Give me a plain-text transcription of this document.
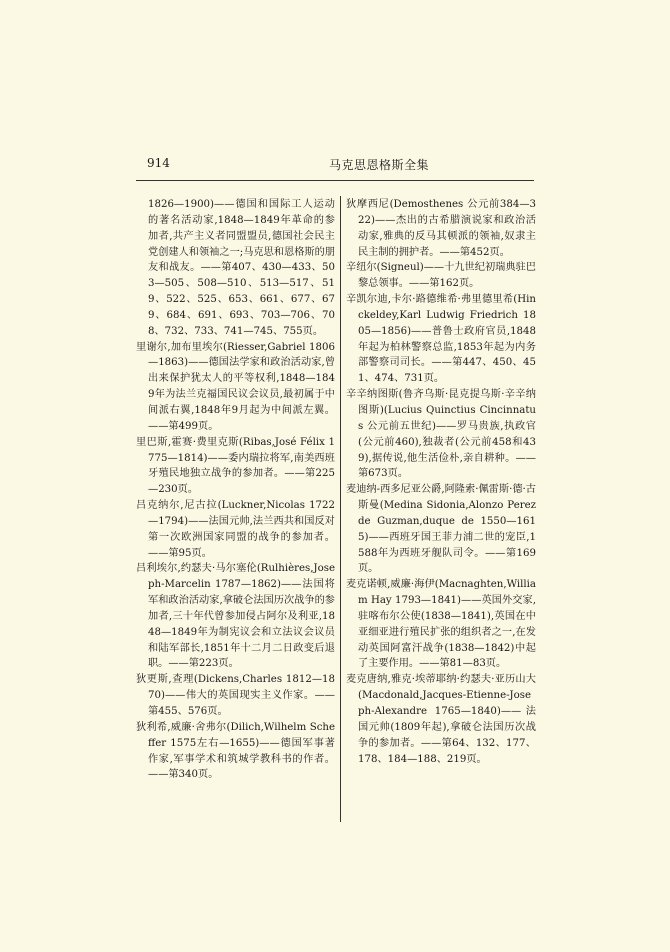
914	马克思恩格斯全集

1826—1900)——德国和国际工人运动的著名活动家,1848—1849年革命的参加者,共产主义者同盟盟员,德国社会民主党创建人和领袖之一;马克思和恩格斯的朋友和战友。——第407、430—433、503—505、508—510、513—517、519、522、525、653、661、677、679、684、691、693、703—706、708、732、733、741—745、755页。

里谢尔,加布里埃尔(Riesser,Gabriel 1806—1863)——德国法学家和政治活动家,曾出来保护犹太人的平等权利,1848—1849年为法兰克福国民议会议员,最初属于中间派右翼,1848年9月起为中间派左翼。——第499页。

里巴斯,霍赛·费里克斯(Ribas,José Félix 1775—1814)——委内瑞拉将军,南美西班牙殖民地独立战争的参加者。——第225—230页。

吕克纳尔,尼古拉(Luckner,Nicolas 1722—1794)——法国元帅,法兰西共和国反对第一次欧洲国家同盟的战争的参加者。——第95页。

吕利埃尔,约瑟夫·马尔塞伦(Rulhières,Joseph-Marcelin 1787—1862)——法国将军和政治活动家,拿破仑法国历次战争的参加者,三十年代曾参加侵占阿尔及利亚,1848—1849年为制宪议会和立法议会议员和陆军部长,1851年十二月二日政变后退职。——第223页。

狄更斯,查理(Dickens,Charles 1812—1870)——伟大的英国现实主义作家。——第455、576页。

狄利希,威廉·舍弗尔(Dilich,Wilhelm Scheffer 1575左右—1655)——德国军事著作家,军事学术和筑城学教科书的作者。——第340页。

狄摩西尼(Demosthenes 公元前384—322)——杰出的古希腊演说家和政治活动家,雅典的反马其顿派的领袖,奴隶主民主制的拥护者。——第452页。

辛纽尔(Signeul)——十九世纪初瑞典驻巴黎总领事。——第162页。

辛凯尔迪,卡尔·路德维希·弗里德里希(Hinckeldey,Karl Ludwig Friedrich 1805—1856)——普鲁士政府官员,1848年起为柏林警察总监,1853年起为内务部警察司司长。——第447、450、451、474、731页。

辛辛纳图斯(鲁齐乌斯·昆克提乌斯·辛辛纳图斯)(Lucius Quinctius Cincinnatus 公元前五世纪)——罗马贵族,执政官(公元前460),独裁者(公元前458和439),据传说,他生活俭朴,亲自耕种。——第673页。

麦迪纳-西多尼亚公爵,阿隆索·佩雷斯·德·古斯曼(Medina Sidonia,Alonzo Perez de Guzman,duque de 1550—1615)——西班牙国王菲力浦二世的宠臣,1588年为西班牙舰队司令。——第169页。

麦克诺顿,威廉·海伊(Macnaghten,William Hay 1793—1841)——英国外交家,驻喀布尔公使(1838—1841),英国在中亚细亚进行殖民扩张的组织者之一,在发动英国阿富汗战争(1838—1842)中起了主要作用。——第81—83页。

麦克唐纳,雅克·埃蒂耶纳·约瑟夫·亚历山大(Macdonald,Jacques-Etienne-Joseph-Alexandre 1765—1840)——法国元帅(1809年起),拿破仑法国历次战争的参加者。——第64、132、177、178、184—188、219页。
